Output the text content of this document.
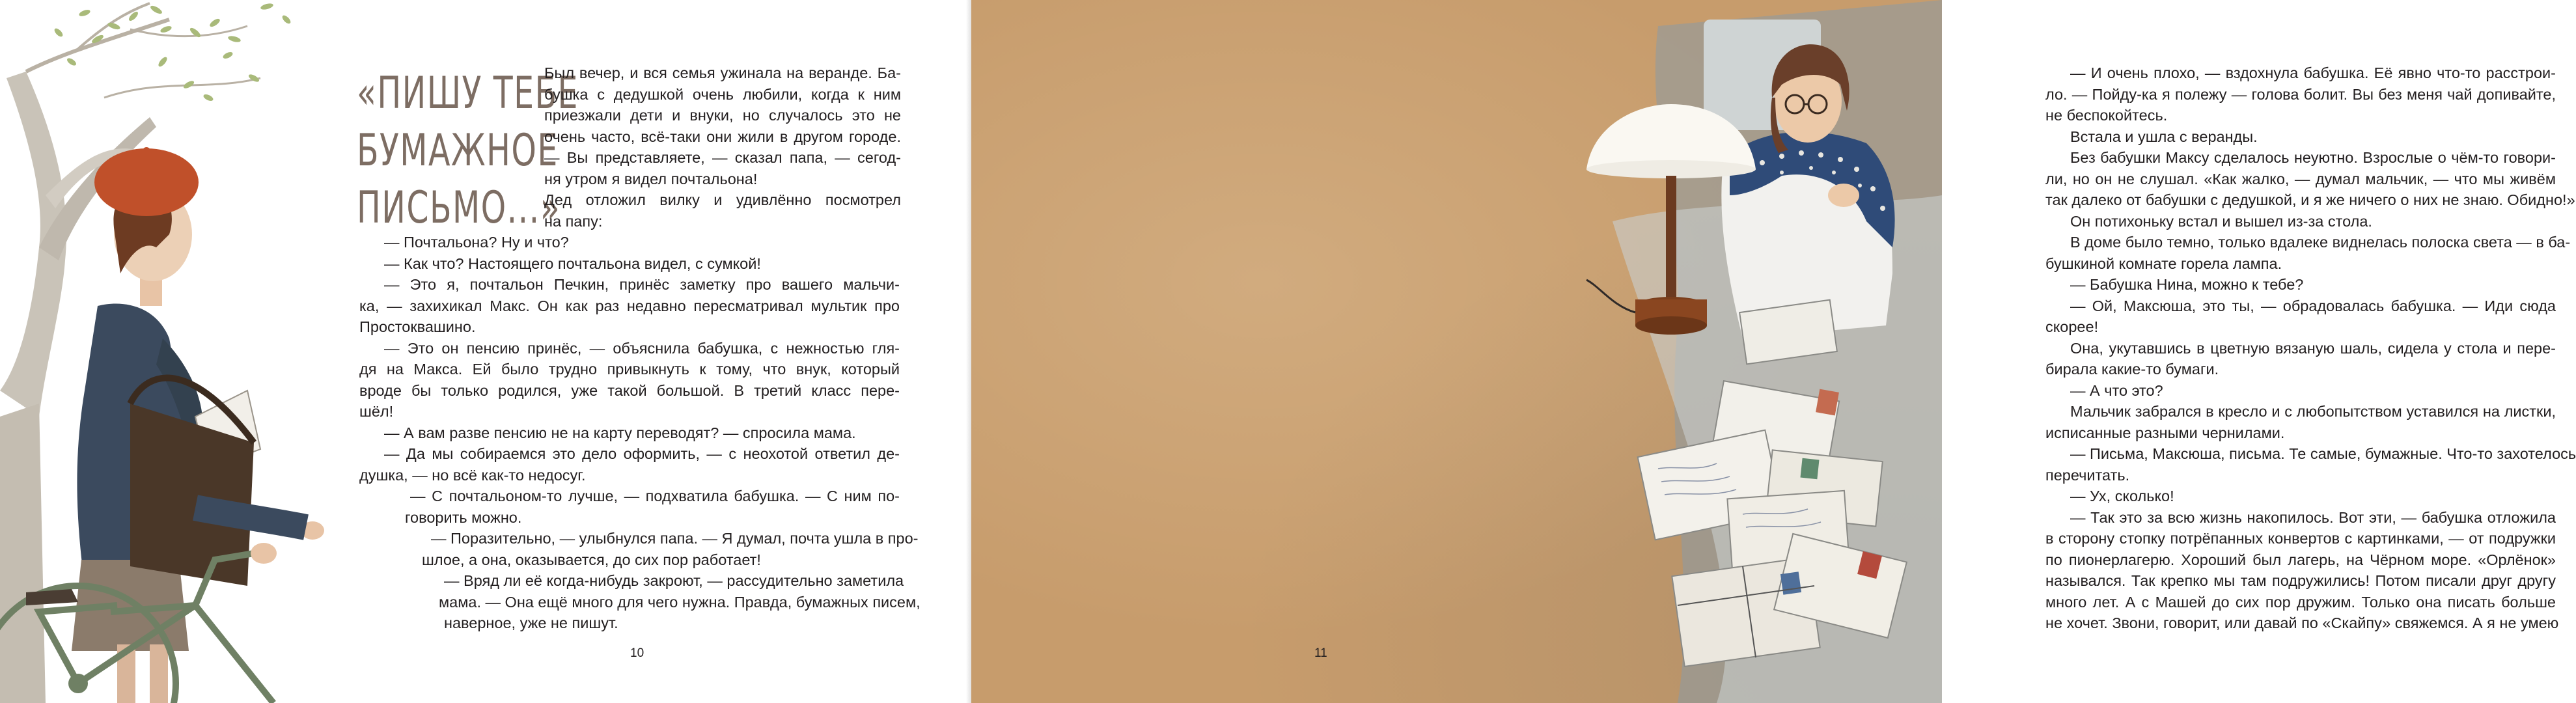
«ПИШУ ТЕБЕ
БУМАЖНОЕ
ПИСЬМО...»
Был вечер, и вся семья ужинала на веранде. Ба-
бушка с дедушкой очень любили, когда к ним
приезжали дети и внуки, но случалось это не
очень часто, всё-таки они жили в другом городе.
— Вы представляете, — сказал папа, — сегод-
ня утром я видел почтальона!
Дед отложил вилку и удивлённо посмотрел
на папу:
— Почтальона? Ну и что?
— Как что? Настоящего почтальона видел, с сумкой!
— Это я, почтальон Печкин, принёс заметку про вашего мальчи-
ка, — захихикал Макс. Он как раз недавно пересматривал мультик про
Простоквашино.
— Это он пенсию принёс, — объяснила бабушка, с нежностью гля-
дя на Макса. Ей было трудно привыкнуть к тому, что внук, который
вроде бы только родился, уже такой большой. В третий класс пере-
шёл!
— А вам разве пенсию не на карту переводят? — спросила мама.
— Да мы собираемся это дело оформить, — с неохотой ответил де-
душка, — но всё как-то недосуг.
— С почтальоном-то лучше, — подхватила бабушка. — С ним по-
говорить можно.
— Поразительно, — улыбнулся папа. — Я думал, почта ушла в про-
шлое, а она, оказывается, до сих пор работает!
— Вряд ли её когда-нибудь закроют, — рассудительно заметила
мама. — Она ещё много для чего нужна. Правда, бумажных писем,
наверное, уже не пишут.
10
— И очень плохо, — вздохнула бабушка. Её явно что-то расстрои-
ло. — Пойду-ка я полежу — голова болит. Вы без меня чай допивайте,
не беспокойтесь.
Встала и ушла с веранды.
Без бабушки Максу сделалось неуютно. Взрослые о чём-то говори-
ли, но он не слушал. «Как жалко, — думал мальчик, — что мы живём
так далеко от бабушки с дедушкой, и я же ничего о них не знаю. Обидно!»
Он потихоньку встал и вышел из-за стола.
В доме было темно, только вдалеке виднелась полоска света — в ба-
бушкиной комнате горела лампа.
— Бабушка Нина, можно к тебе?
— Ой, Максюша, это ты, — обрадовалась бабушка. — Иди сюда
скорее!
Она, укутавшись в цветную вязаную шаль, сидела у стола и пере-
бирала какие-то бумаги.
— А что это?
Мальчик забрался в кресло и с любопытством уставился на листки,
исписанные разными чернилами.
— Письма, Максюша, письма. Те самые, бумажные. Что-то захотелось
перечитать.
— Ух, сколько!
— Так это за всю жизнь накопилось. Вот эти, — бабушка отложила
в сторону стопку потрёпанных конвертов с картинками, — от подружки
по пионерлагерю. Хороший был лагерь, на Чёрном море. «Орлёнок»
назывался. Так крепко мы там подружились! Потом писали друг другу
много лет. А с Машей до сих пор дружим. Только она писать больше
не хочет. Звони, говорит, или давай по «Скайпу» свяжемся. А я не умею
11
